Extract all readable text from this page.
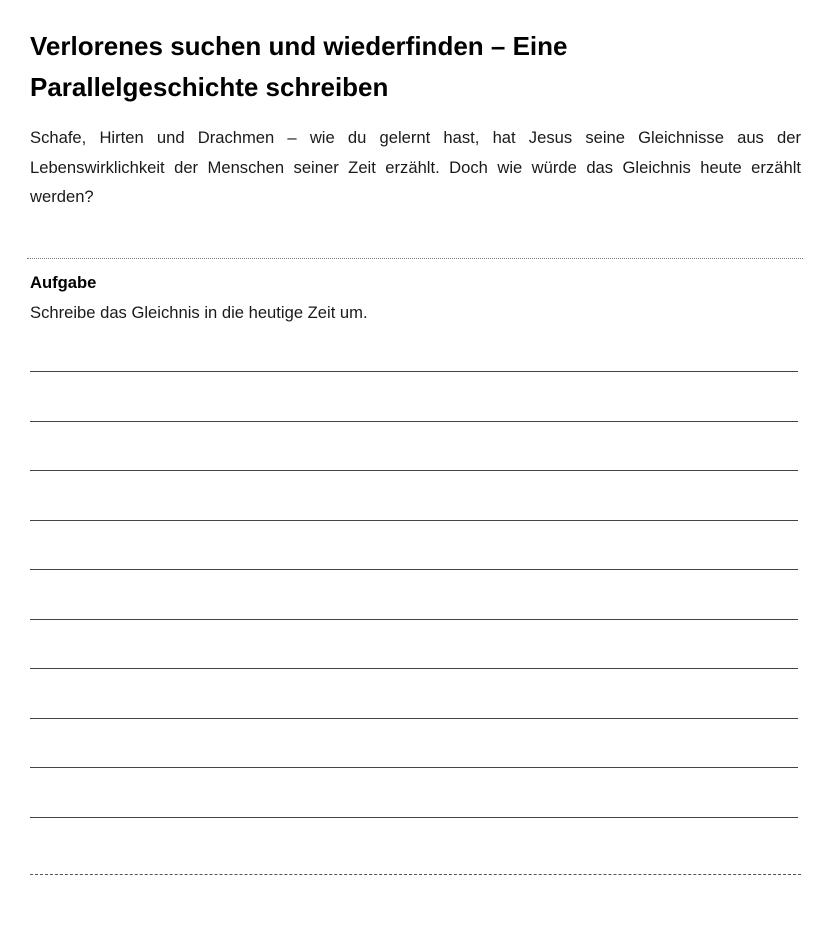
Verlorenes suchen und wiederfinden – Eine
Parallelgeschichte schreiben

Schafe, Hirten und Drachmen – wie du gelernt hast, hat Jesus seine Gleichnisse aus der Lebenswirklichkeit der Menschen seiner Zeit erzählt. Doch wie würde das Gleichnis heute erzählt werden?

Aufgabe

Schreibe das Gleichnis in die heutige Zeit um.
